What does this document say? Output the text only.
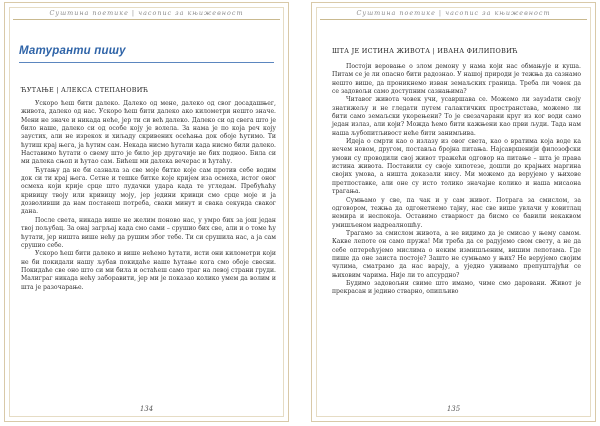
Суштина поетике | часопис за књижевност
Матуранти пишу
ЋУТАЊЕ | АЛЕКСА СТЕПАНОВИЋ

Ускоро ћеш бити далеко. Далеко од мене, далеко од свог досадашњег, живота, далеко од нас. Ускоро ћеш бити далеко ако километри нешто значе. Мени не значе и никада неће, јер ти си већ далеко. Далеко си од свега што је било наше, далеко си од особе коју је волела. За нама је по која реч коју заустих, али не изрекох и хиљаду скривених осећања док обоје ћутимо. Ти ћутиш крај њега, ја ћутим сам. Некада нисмо ћутали када нисмо били далеко. Наставимо ћутати о свему што је било јер другачије не бих подноо. Била си ми далека сњоп и ћутао сам. Бићеш ми далека вечерас и ћутаћу.

Ћутању да не би сазнала за све моје битке које сам против себе водим док си ти крај њега. Сетне и тешке битке које кријем иза осмеха, истог оног осмеха који криjе срце што лудачки удара када те угледам. Пребућаћу кривицу твоју или кривицу моју, јер једини кривци смо срце моје и ја дозволивши да нам постанеш потреба, сваки минут и свака секунда сваког дана.

После света, никада више не желим поново нас, у умро бих за још један твој пољубац. За онај загрљај када смо сами – срушио бих све, али и о томе ћу ћутати, јер ништа више нећу да рушим због тебе. Ти си срушила нас, а ја сам срушио себе.

Ускоро ћеш бити далеко и више нећемо ћутати, исти они километри који не би покидали нашу љубав покидаће наше ћутање кога смо обоје свесни. Покидаће све оно што си ми била и остаћеш само траг на левој страни груди. Малиграг никада нећу заборавити, јер ми је показао колико умем да волим и шта је разочарање.

134
Суштина поетике | часопис за књижевност
ШТА ЈЕ ИСТИНА ЖИВОТА | ИВАНА ФИЛИПОВИЋ

Постоји веровање о злом демону у нама који нас обмањује и куша. Питам се је ли опасно бити радознао. У нашој природи је тежња да сазнамо нешто више, да проникнемо изван земаљских граница. Треба ли човек да се задовољи само доступним сазнањима?

Читавог живота човек учи, усавршава се. Можемо ли заузdати своју знатижељу и не гледати путем галактичких пространстава, можемо ли бити само земаљски укорењени? То је свезачарани круг из ког води само један излаз, али који? Можда ћемо бити кажњени као први људи. Тада нам наша љубопитљивост неће бити занимљива.

Идеја о смрти као о излазу из овог света, као о вратима која воде ка нечем новом, другом, поставља бројна питања. Најсавршенији филозофски умови су проводили свој живот тражећи одговор на питање – шта је права истина живота. Поставили су своје хипотезе, дошли до крајњих маргина својих умова, а ништа доказали нису. Ми можемо да верујемо у њихове претпоставке, али оне су исто толико значајне колико и наша мисаона трагања.

Сумњамо у све, па чак и у сам живот. Потрага за смислом, за одговором, тежња да одгонетнемо тајну, нас све више увлачи у ковитлац немира и неспокоја. Оставимо стварност да бисмо се бавили некаквом умишљеном надреалношћу.

Трагамо за смислом живота, а не видимо да је смисао у њему самом. Какве лепоте он само пружа! Ми треба да се радујемо свом свету, а не да себе оптерећујемо мислима о неким измишљеним, вишим лепотама. Где пише да оне заиста постоје? Зашто не сумњамо у њих? Не верујемо својим чулима, сматрамо да нас варају, а уједно уживамо препуштајући се њиховим чарима. Није ли то апсурдно?

Будимо задовољни свиме што имамо, чиме смо даровани. Живот је прекрасан и једино стварно, опипљиво

135
